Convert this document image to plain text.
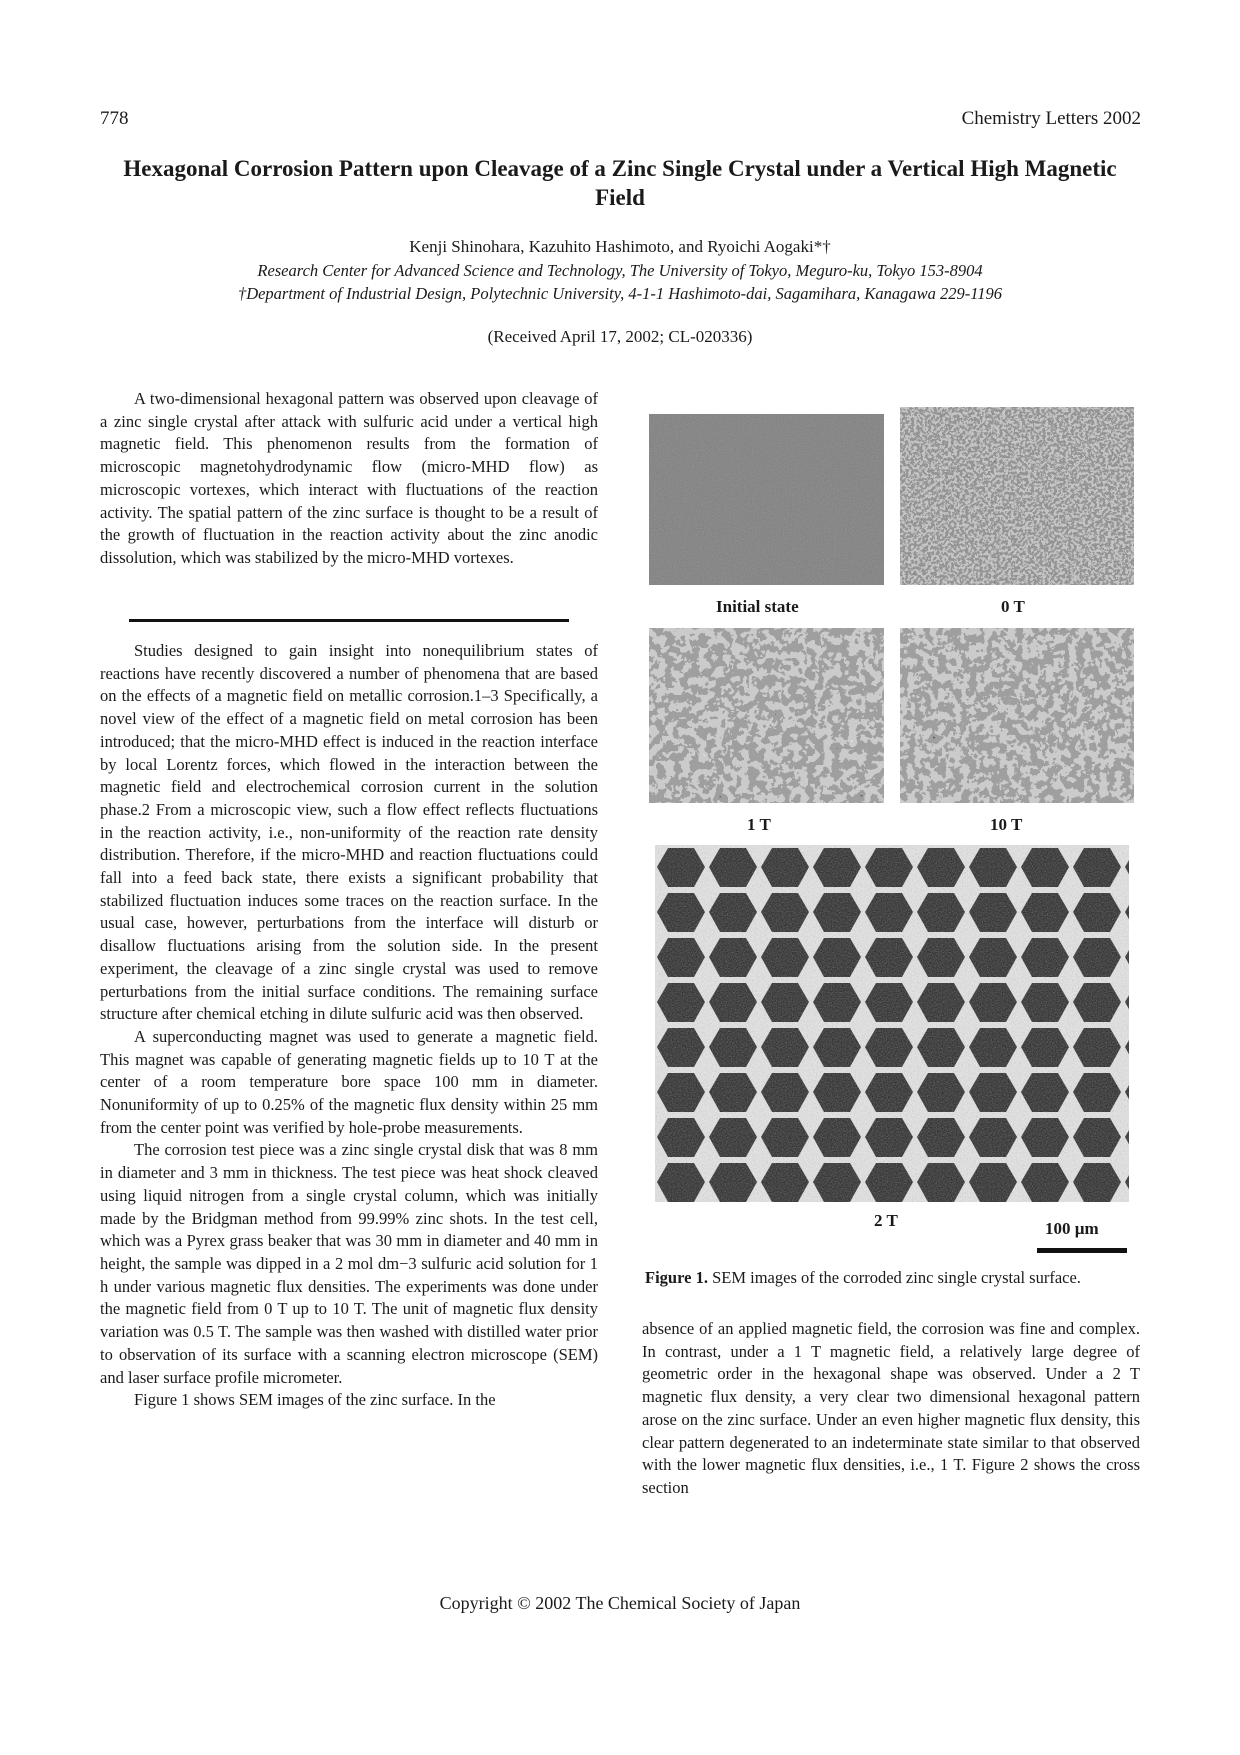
778	Chemistry Letters 2002
Hexagonal Corrosion Pattern upon Cleavage of a Zinc Single Crystal under a Vertical High Magnetic Field
Kenji Shinohara, Kazuhito Hashimoto, and Ryoichi Aogaki*†
Research Center for Advanced Science and Technology, The University of Tokyo, Meguro-ku, Tokyo 153-8904
†Department of Industrial Design, Polytechnic University, 4-1-1 Hashimoto-dai, Sagamihara, Kanagawa 229-1196
(Received April 17, 2002; CL-020336)

A two-dimensional hexagonal pattern was observed upon cleavage of a zinc single crystal after attack with sulfuric acid under a vertical high magnetic field. This phenomenon results from the formation of microscopic magnetohydrodynamic flow (micro-MHD flow) as microscopic vortexes, which interact with fluctuations of the reaction activity. The spatial pattern of the zinc surface is thought to be a result of the growth of fluctuation in the reaction activity about the zinc anodic dissolution, which was stabilized by the micro-MHD vortexes.

Studies designed to gain insight into nonequilibrium states of reactions have recently discovered a number of phenomena that are based on the effects of a magnetic field on metallic corrosion.1–3 Specifically, a novel view of the effect of a magnetic field on metal corrosion has been introduced; that the micro-MHD effect is induced in the reaction interface by local Lorentz forces, which flowed in the interaction between the magnetic field and electrochemical corrosion current in the solution phase.2 From a microscopic view, such a flow effect reflects fluctuations in the reaction activity, i.e., non-uniformity of the reaction rate density distribution. Therefore, if the micro-MHD and reaction fluctuations could fall into a feed back state, there exists a significant probability that stabilized fluctuation induces some traces on the reaction surface. In the usual case, however, perturbations from the interface will disturb or disallow fluctuations arising from the solution side. In the present experiment, the cleavage of a zinc single crystal was used to remove perturbations from the initial surface conditions. The remaining surface structure after chemical etching in dilute sulfuric acid was then observed.

A superconducting magnet was used to generate a magnetic field. This magnet was capable of generating magnetic fields up to 10 T at the center of a room temperature bore space 100 mm in diameter. Nonuniformity of up to 0.25% of the magnetic flux density within 25 mm from the center point was verified by hole-probe measurements.

The corrosion test piece was a zinc single crystal disk that was 8 mm in diameter and 3 mm in thickness. The test piece was heat shock cleaved using liquid nitrogen from a single crystal column, which was initially made by the Bridgman method from 99.99% zinc shots. In the test cell, which was a Pyrex grass beaker that was 30 mm in diameter and 40 mm in height, the sample was dipped in a 2 mol dm−3 sulfuric acid solution for 1 h under various magnetic flux densities. The experiments was done under the magnetic field from 0 T up to 10 T. The unit of magnetic flux density variation was 0.5 T. The sample was then washed with distilled water prior to observation of its surface with a scanning electron microscope (SEM) and laser surface profile micrometer.

Figure 1 shows SEM images of the zinc surface. In the

Initial state	0 T
1 T	10 T
2 T	100 µm
Figure 1. SEM images of the corroded zinc single crystal surface.

absence of an applied magnetic field, the corrosion was fine and complex. In contrast, under a 1 T magnetic field, a relatively large degree of geometric order in the hexagonal shape was observed. Under a 2 T magnetic flux density, a very clear two dimensional hexagonal pattern arose on the zinc surface. Under an even higher magnetic flux density, this clear pattern degenerated to an indeterminate state similar to that observed with the lower magnetic flux densities, i.e., 1 T. Figure 2 shows the cross section

Copyright © 2002 The Chemical Society of Japan
